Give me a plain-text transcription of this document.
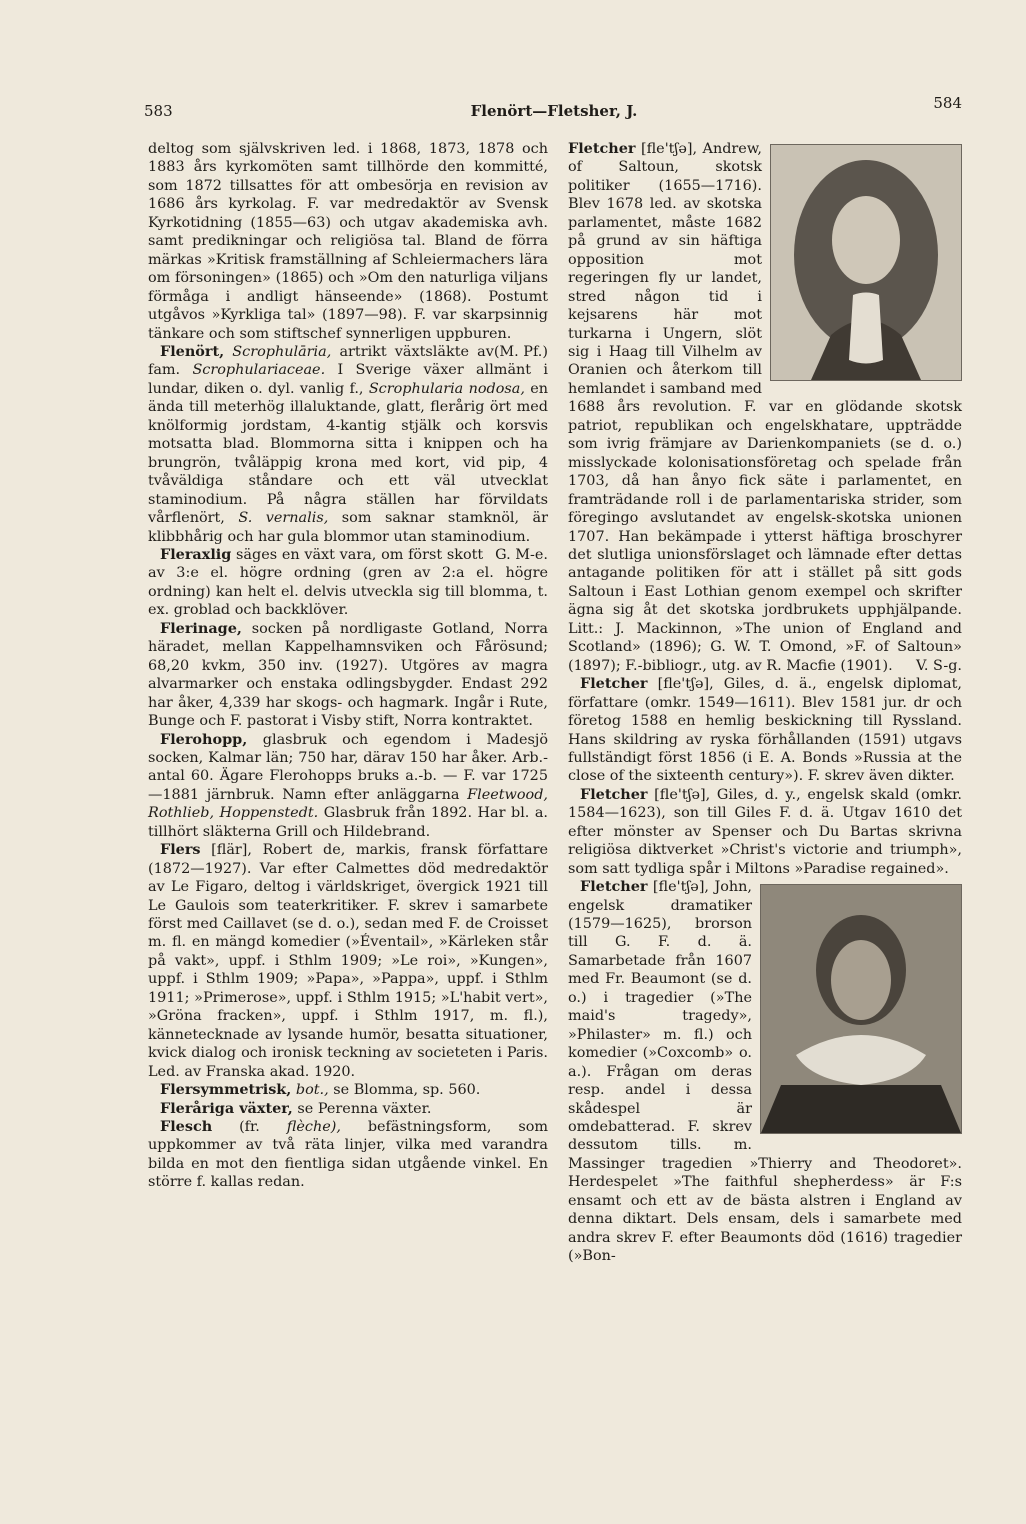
583	Flenört—Fletsher, J.	584

deltog som självskriven led. i 1868, 1873, 1878 och 1883 års kyrkomöten samt tillhörde den kommitté, som 1872 tillsattes för att ombesörja en revision av 1686 års kyrkolag. F. var medredaktör av Svensk Kyrkotidning (1855—63) och utgav akademiska avh. samt predikningar och religiösa tal. Bland de förra märkas »Kritisk framställning af Schleiermachers lära om försoningen» (1865) och »Om den naturliga viljans förmåga i andligt hänseende» (1868). Postumt utgåvos »Kyrkliga tal» (1897—98). F. var skarpsinnig tänkare och som stiftschef synnerligen uppburen.
(M. Pf.)

Flenört, Scrophulāria, artrikt växtsläkte av fam. Scrophulariaceae. I Sverige växer allmänt i lundar, diken o. dyl. vanlig f., Scrophularia nodosa, en ända till meterhög illaluktande, glatt, flerårig ört med knölformig jordstam, 4-kantig stjälk och korsvis motsatta blad. Blommorna sitta i knippen och ha brungrön, tvåläppig krona med kort, vid pip, 4 tvåväldiga ståndare och ett väl utvecklat staminodium. På några ställen har förvildats vårflenört, S. vernalis, som saknar stamknöl, är klibbhårig och har gula blommor utan staminodium.
G. M-e.

Fleraxlig säges en växt vara, om först skott av 3:e el. högre ordning (gren av 2:a el. högre ordning) kan helt el. delvis utveckla sig till blomma, t. ex. groblad och backklöver.

Flerinage, socken på nordligaste Gotland, Norra häradet, mellan Kappelhamnsviken och Fårösund; 68,20 kvkm, 350 inv. (1927). Utgöres av magra alvarmarker och enstaka odlingsbygder. Endast 292 har åker, 4,339 har skogs- och hagmark. Ingår i Rute, Bunge och F. pastorat i Visby stift, Norra kontraktet.

Flerohopp, glasbruk och egendom i Madesjö socken, Kalmar län; 750 har, därav 150 har åker. Arb.-antal 60. Ägare Flerohopps bruks a.-b. — F. var 1725—1881 järnbruk. Namn efter anläggarna Fleetwood, Rothlieb, Hoppenstedt. Glasbruk från 1892. Har bl. a. tillhört släkterna Grill och Hildebrand.

Flers [flär], Robert de, markis, fransk författare (1872—1927). Var efter Calmettes död medredaktör av Le Figaro, deltog i världskriget, övergick 1921 till Le Gaulois som teaterkritiker. F. skrev i samarbete först med Caillavet (se d. o.), sedan med F. de Croisset m. fl. en mängd komedier (»Éventail», »Kärleken står på vakt», uppf. i Sthlm 1909; »Le roi», »Kungen», uppf. i Sthlm 1909; »Papa», »Pappa», uppf. i Sthlm 1911; »Primerose», uppf. i Sthlm 1915; »L'habit vert», »Gröna fracken», uppf. i Sthlm 1917, m. fl.), kännetecknade av lysande humör, besatta situationer, kvick dialog och ironisk teckning av societeten i Paris. Led. av Franska akad. 1920.

Flersymmetrisk, bot., se Blomma, sp. 560.

Fleråriga växter, se Perenna växter.

Flesch (fr. flèche), befästningsform, som uppkommer av två räta linjer, vilka med varandra bilda en mot den fientliga sidan utgående vinkel. En större f. kallas redan.

Fletcher [fle'tʃə], Andrew, of Saltoun, skotsk politiker (1655—1716). Blev 1678 led. av skotska parlamentet, måste 1682 på grund av sin häftiga opposition mot regeringen fly ur landet, stred någon tid i kejsarens här mot turkarna i Ungern, slöt sig i Haag till Vilhelm av Oranien och återkom till hemlandet i samband med 1688 års revolution. F. var en glödande skotsk patriot, republikan och engelskhatare, uppträdde som ivrig främjare av Darienkompaniets (se d. o.) misslyckade kolonisationsföretag och spelade från 1703, då han ånyo fick säte i parlamentet, en framträdande roll i de parlamentariska strider, som föregingo avslutandet av engelsk-skotska unionen 1707. Han bekämpade i ytterst häftiga broschyrer det slutliga unionsförslaget och lämnade efter dettas antagande politiken för att i stället på sitt gods Saltoun i East Lothian genom exempel och skrifter ägna sig åt det skotska jordbrukets upphjälpande. Litt.: J. Mackinnon, »The union of England and Scotland» (1896); G. W. T. Omond, »F. of Saltoun» (1897); F.-bibliogr., utg. av R. Macfie (1901). V. S-g.

Fletcher [fle'tʃə], Giles, d. ä., engelsk diplomat, författare (omkr. 1549—1611). Blev 1581 jur. dr och företog 1588 en hemlig beskickning till Ryssland. Hans skildring av ryska förhållanden (1591) utgavs fullständigt först 1856 (i E. A. Bonds »Russia at the close of the sixteenth century»). F. skrev även dikter.

Fletcher [fle'tʃə], Giles, d. y., engelsk skald (omkr. 1584—1623), son till Giles F. d. ä. Utgav 1610 det efter mönster av Spenser och Du Bartas skrivna religiösa diktverket »Christ's victorie and triumph», som satt tydliga spår i Miltons »Paradise regained».

Fletcher [fle'tʃə], John, engelsk dramatiker (1579—1625), brorson till G. F. d. ä. Samarbetade från 1607 med Fr. Beaumont (se d. o.) i tragedier (»The maid's tragedy», »Philaster» m. fl.) och komedier (»Coxcomb» o. a.). Frågan om deras resp. andel i dessa skådespel är omdebatterad. F. skrev dessutom tills. m. Massinger tragedien »Thierry and Theodoret». Herdespelet »The faithful shepherdess» är F:s ensamt och ett av de bästa alstren i England av denna diktart. Dels ensam, dels i samarbete med andra skrev F. efter Beaumonts död (1616) tragedier (»Bon-
